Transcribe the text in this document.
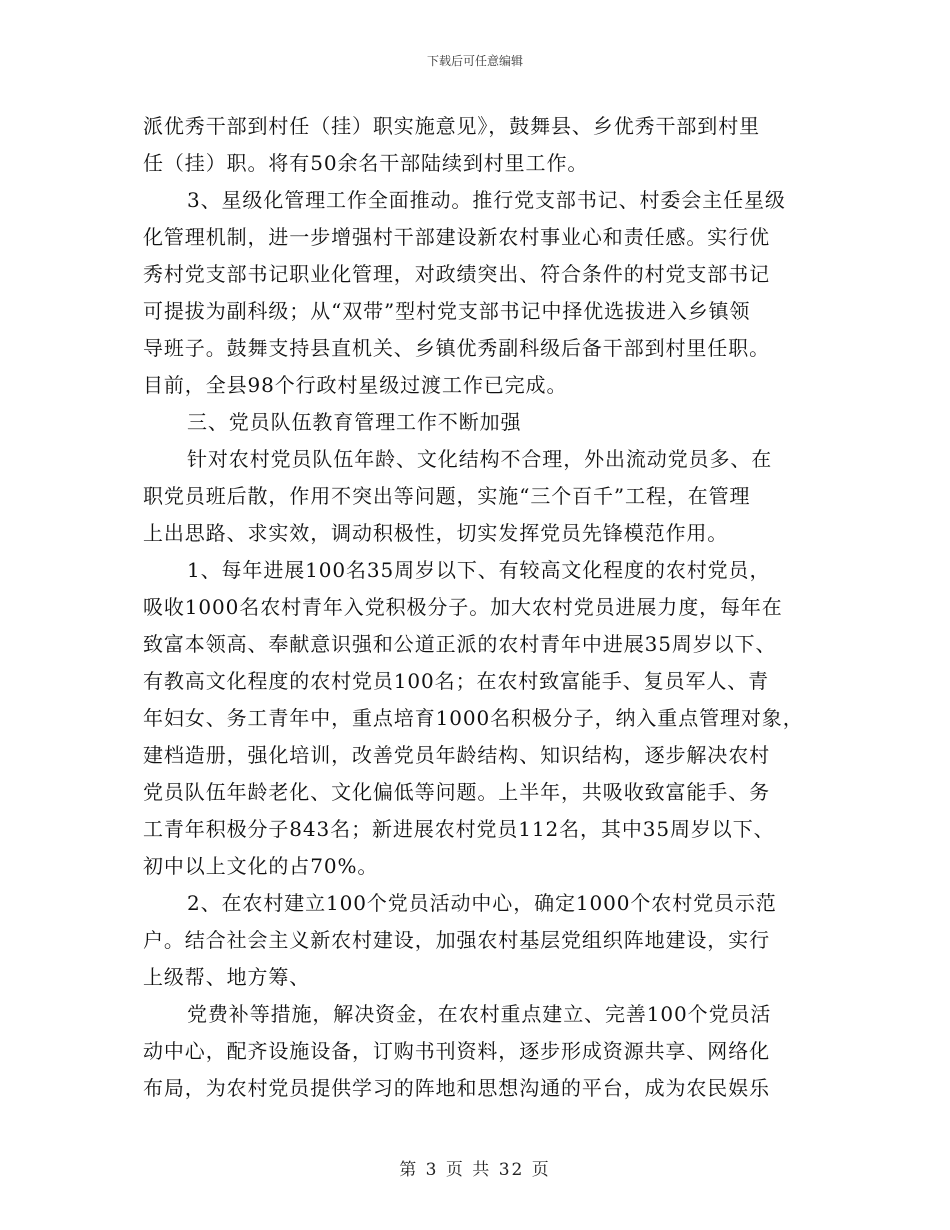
下载后可任意编辑
派优秀干部到村任（挂）职实施意见》，鼓舞县、乡优秀干部到村里
任（挂）职。将有50余名干部陆续到村里工作。
3、星级化管理工作全面推动。推行党支部书记、村委会主任星级
化管理机制，进一步增强村干部建设新农村事业心和责任感。实行优
秀村党支部书记职业化管理，对政绩突出、符合条件的村党支部书记
可提拔为副科级；从“双带”型村党支部书记中择优选拔进入乡镇领
导班子。鼓舞支持县直机关、乡镇优秀副科级后备干部到村里任职。
目前，全县98个行政村星级过渡工作已完成。
三、党员队伍教育管理工作不断加强
针对农村党员队伍年龄、文化结构不合理，外出流动党员多、在
职党员班后散，作用不突出等问题，实施“三个百千”工程，在管理
上出思路、求实效，调动积极性，切实发挥党员先锋模范作用。
1、每年进展100名35周岁以下、有较高文化程度的农村党员，
吸收1000名农村青年入党积极分子。加大农村党员进展力度，每年在
致富本领高、奉献意识强和公道正派的农村青年中进展35周岁以下、
有教高文化程度的农村党员100名；在农村致富能手、复员军人、青
年妇女、务工青年中，重点培育1000名积极分子，纳入重点管理对象，
建档造册，强化培训，改善党员年龄结构、知识结构，逐步解决农村
党员队伍年龄老化、文化偏低等问题。上半年，共吸收致富能手、务
工青年积极分子843名；新进展农村党员112名，其中35周岁以下、
初中以上文化的占70%。
2、在农村建立100个党员活动中心，确定1000个农村党员示范
户。结合社会主义新农村建设，加强农村基层党组织阵地建设，实行
上级帮、地方筹、
党费补等措施，解决资金，在农村重点建立、完善100个党员活
动中心，配齐设施设备，订购书刊资料，逐步形成资源共享、网络化
布局，为农村党员提供学习的阵地和思想沟通的平台，成为农民娱乐
第 3 页 共 32 页
